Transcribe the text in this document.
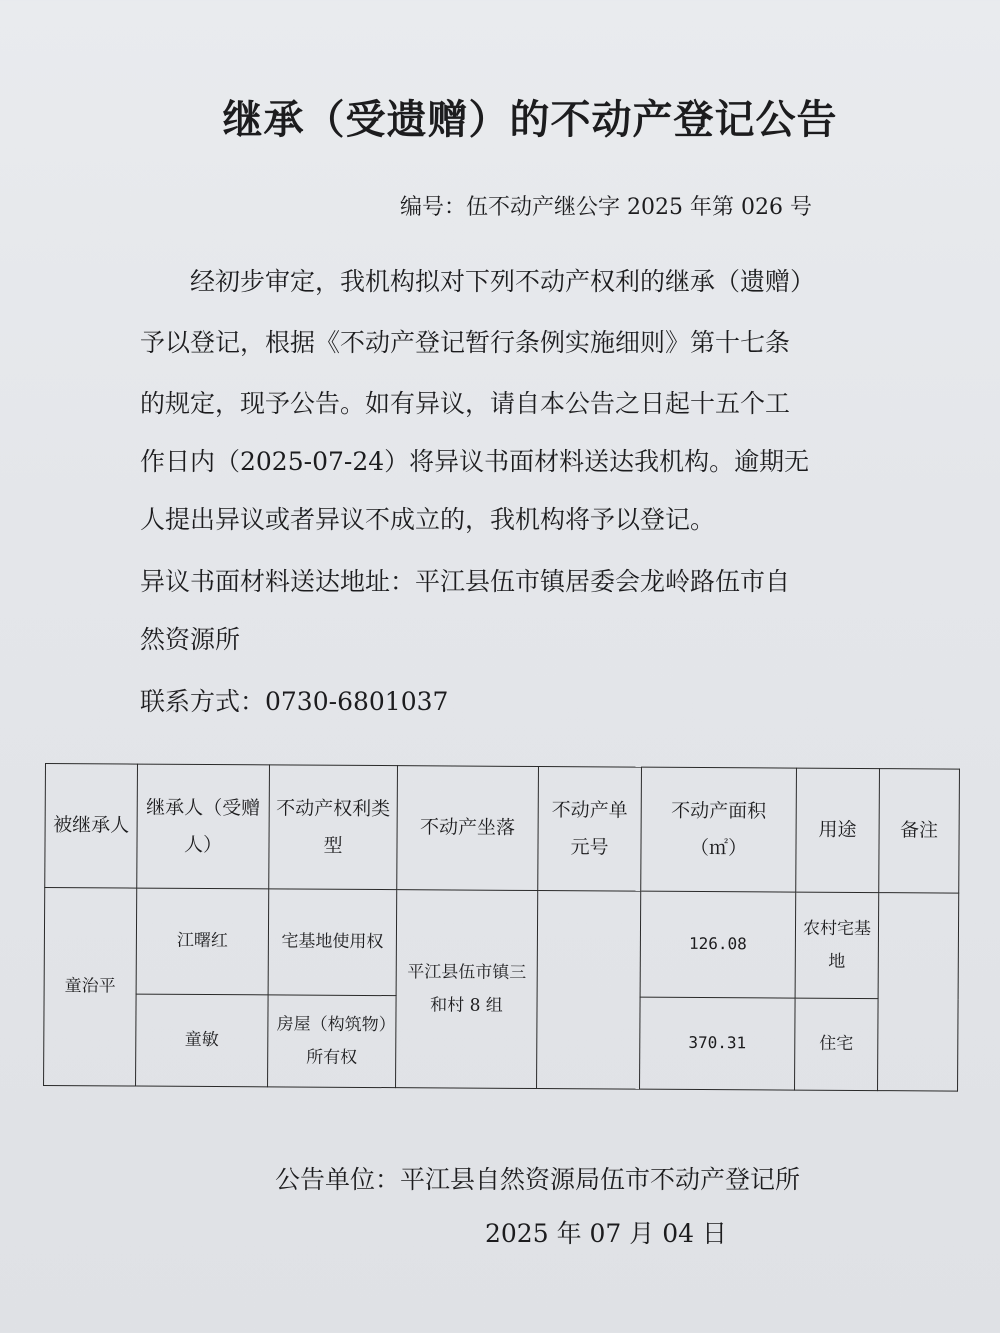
继承（受遗赠）的不动产登记公告
编号：伍不动产继公字 2025 年第 026 号
经初步审定，我机构拟对下列不动产权利的继承（遗赠）
予以登记，根据《不动产登记暂行条例实施细则》第十七条
的规定，现予公告。如有异议，请自本公告之日起十五个工
作日内（2025-07-24）将异议书面材料送达我机构。逾期无
人提出异议或者异议不成立的，我机构将予以登记。
异议书面材料送达地址：平江县伍市镇居委会龙岭路伍市自
然资源所
联系方式：0730-6801037
被继承人	继承人（受赠人）	不动产权利类型	不动产坐落	不动产单元号	不动产面积（㎡）	用途	备注
童治平	江曙红	宅基地使用权	平江县伍市镇三和村 8 组		126.08	农村宅基地	
	童敏	房屋（构筑物）所有权			370.31	住宅	
公告单位：平江县自然资源局伍市不动产登记所
2025 年 07 月 04 日
